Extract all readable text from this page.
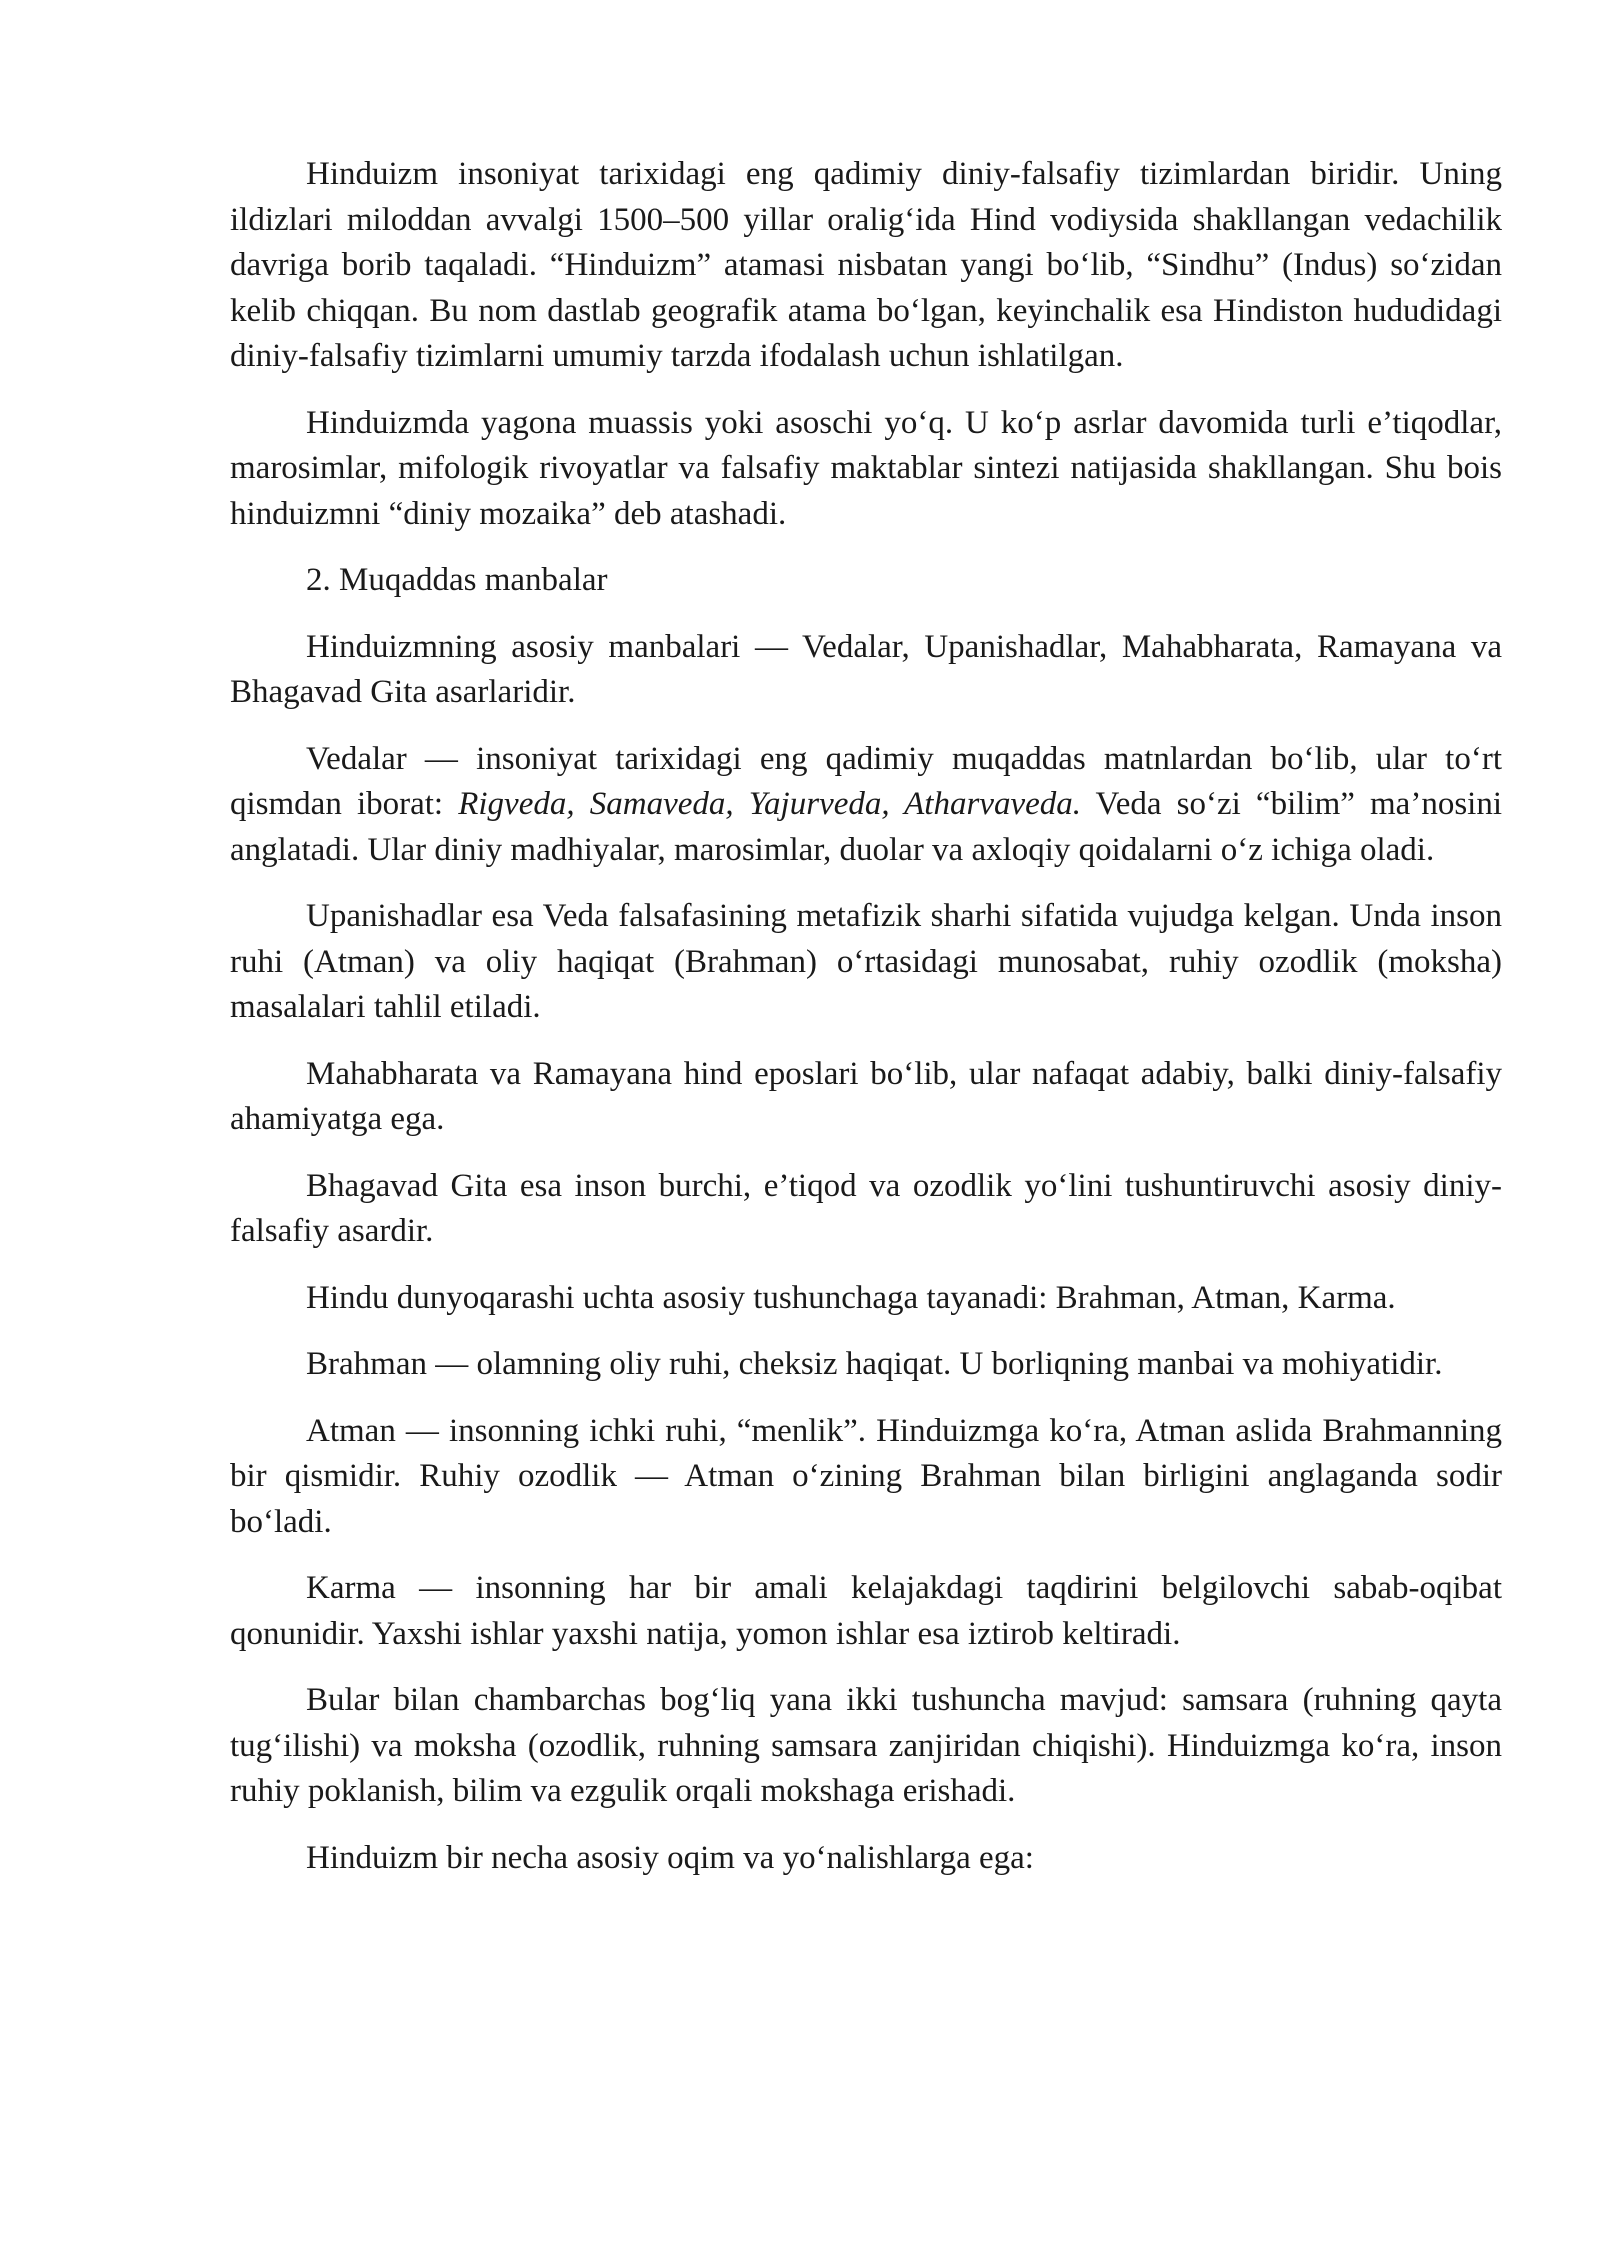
Hinduizm insoniyat tarixidagi eng qadimiy diniy-falsafiy tizimlardan biridir. Uning ildizlari miloddan avvalgi 1500–500 yillar oralig‘ida Hind vodiysida shakllangan vedachilik davriga borib taqaladi. “Hinduizm” atamasi nisbatan yangi bo‘lib, “Sindhu” (Indus) so‘zidan kelib chiqqan. Bu nom dastlab geografik atama bo‘lgan, keyinchalik esa Hindiston hududidagi diniy-falsafiy tizimlarni umumiy tarzda ifodalash uchun ishlatilgan.

Hinduizmda yagona muassis yoki asoschi yo‘q. U ko‘p asrlar davomida turli e’tiqodlar, marosimlar, mifologik rivoyatlar va falsafiy maktablar sintezi natijasida shakllangan. Shu bois hinduizmni “diniy mozaika” deb atashadi.

2. Muqaddas manbalar

Hinduizmning asosiy manbalari — Vedalar, Upanishadlar, Mahabharata, Ramayana va Bhagavad Gita asarlaridir.

Vedalar — insoniyat tarixidagi eng qadimiy muqaddas matnlardan bo‘lib, ular to‘rt qismdan iborat: Rigveda, Samaveda, Yajurveda, Atharvaveda. Veda so‘zi “bilim” ma’nosini anglatadi. Ular diniy madhiyalar, marosimlar, duolar va axloqiy qoidalarni o‘z ichiga oladi.

Upanishadlar esa Veda falsafasining metafizik sharhi sifatida vujudga kelgan. Unda inson ruhi (Atman) va oliy haqiqat (Brahman) o‘rtasidagi munosabat, ruhiy ozodlik (moksha) masalalari tahlil etiladi.

Mahabharata va Ramayana hind eposlari bo‘lib, ular nafaqat adabiy, balki diniy-falsafiy ahamiyatga ega.

Bhagavad Gita esa inson burchi, e’tiqod va ozodlik yo‘lini tushuntiruvchi asosiy diniy-falsafiy asardir.

Hindu dunyoqarashi uchta asosiy tushunchaga tayanadi: Brahman, Atman, Karma.

Brahman — olamning oliy ruhi, cheksiz haqiqat. U borliqning manbai va mohiyatidir.

Atman — insonning ichki ruhi, “menlik”. Hinduizmga ko‘ra, Atman aslida Brahmanning bir qismidir. Ruhiy ozodlik — Atman o‘zining Brahman bilan birligini anglaganda sodir bo‘ladi.

Karma — insonning har bir amali kelajakdagi taqdirini belgilovchi sabab-oqibat qonunidir. Yaxshi ishlar yaxshi natija, yomon ishlar esa iztirob keltiradi.

Bular bilan chambarchas bog‘liq yana ikki tushuncha mavjud: samsara (ruhning qayta tug‘ilishi) va moksha (ozodlik, ruhning samsara zanjiridan chiqishi). Hinduizmga ko‘ra, inson ruhiy poklanish, bilim va ezgulik orqali mokshaga erishadi.

Hinduizm bir necha asosiy oqim va yo‘nalishlarga ega:
